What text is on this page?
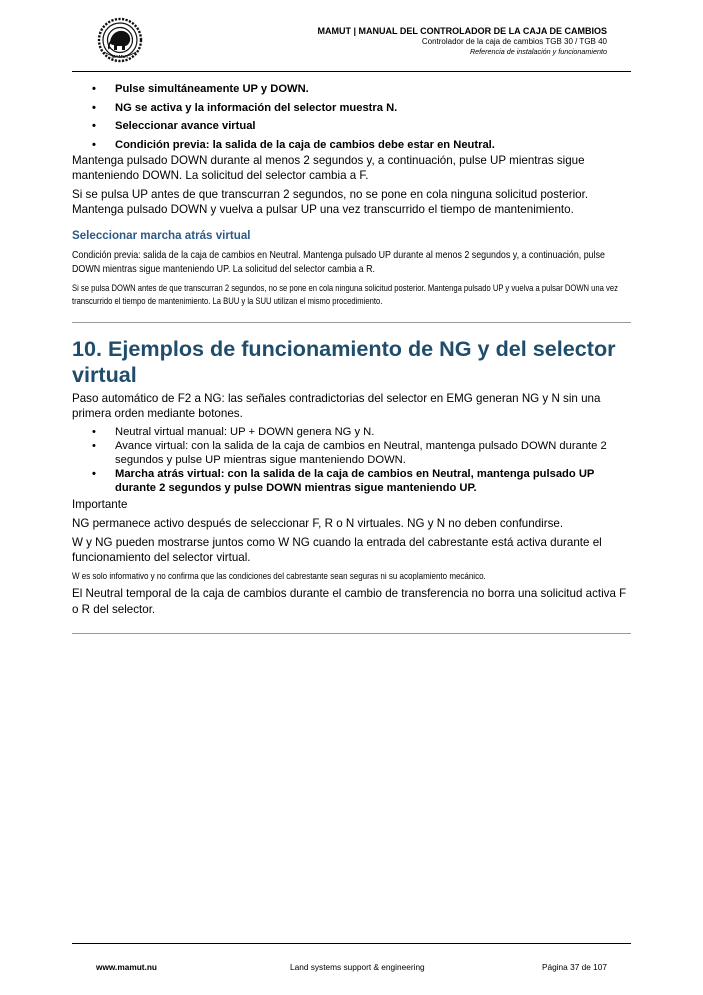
MAMUT
MAMUT | MANUAL DEL CONTROLADOR DE LA CAJA DE CAMBIOS
Controlador de la caja de cambios TGB 30 / TGB 40
Referencia de instalación y funcionamiento
• Pulse simultáneamente UP y DOWN.
• NG se activa y la información del selector muestra N.
• Seleccionar avance virtual
• Condición previa: la salida de la caja de cambios debe estar en Neutral.

Mantenga pulsado DOWN durante al menos 2 segundos y, a continuación, pulse UP mientras sigue manteniendo DOWN. La solicitud del selector cambia a F.

Si se pulsa UP antes de que transcurran 2 segundos, no se pone en cola ninguna solicitud posterior. Mantenga pulsado DOWN y vuelva a pulsar UP una vez transcurrido el tiempo de mantenimiento.

Seleccionar marcha atrás virtual

Condición previa: salida de la caja de cambios en Neutral. Mantenga pulsado UP durante al menos 2 segundos y, a continuación, pulse DOWN mientras sigue manteniendo UP. La solicitud del selector cambia a R.

Si se pulsa DOWN antes de que transcurran 2 segundos, no se pone en cola ninguna solicitud posterior. Mantenga pulsado UP y vuelva a pulsar DOWN una vez transcurrido el tiempo de mantenimiento. La BUU y la SUU utilizan el mismo procedimiento.

10. Ejemplos de funcionamiento de NG y del selector virtual

Paso automático de F2 a NG: las señales contradictorias del selector en EMG generan NG y N sin una primera orden mediante botones.

• Neutral virtual manual: UP + DOWN genera NG y N.
• Avance virtual: con la salida de la caja de cambios en Neutral, mantenga pulsado DOWN durante 2 segundos y pulse UP mientras sigue manteniendo DOWN.
• Marcha atrás virtual: con la salida de la caja de cambios en Neutral, mantenga pulsado UP durante 2 segundos y pulse DOWN mientras sigue manteniendo UP.

Importante

NG permanece activo después de seleccionar F, R o N virtuales. NG y N no deben confundirse.

W y NG pueden mostrarse juntos como W NG cuando la entrada del cabrestante está activa durante el funcionamiento del selector virtual.

W es solo informativo y no confirma que las condiciones del cabrestante sean seguras ni su acoplamiento mecánico.

El Neutral temporal de la caja de cambios durante el cambio de transferencia no borra una solicitud activa F o R del selector.

www.mamut.nu	Land systems support & engineering	Página 37 de 107
